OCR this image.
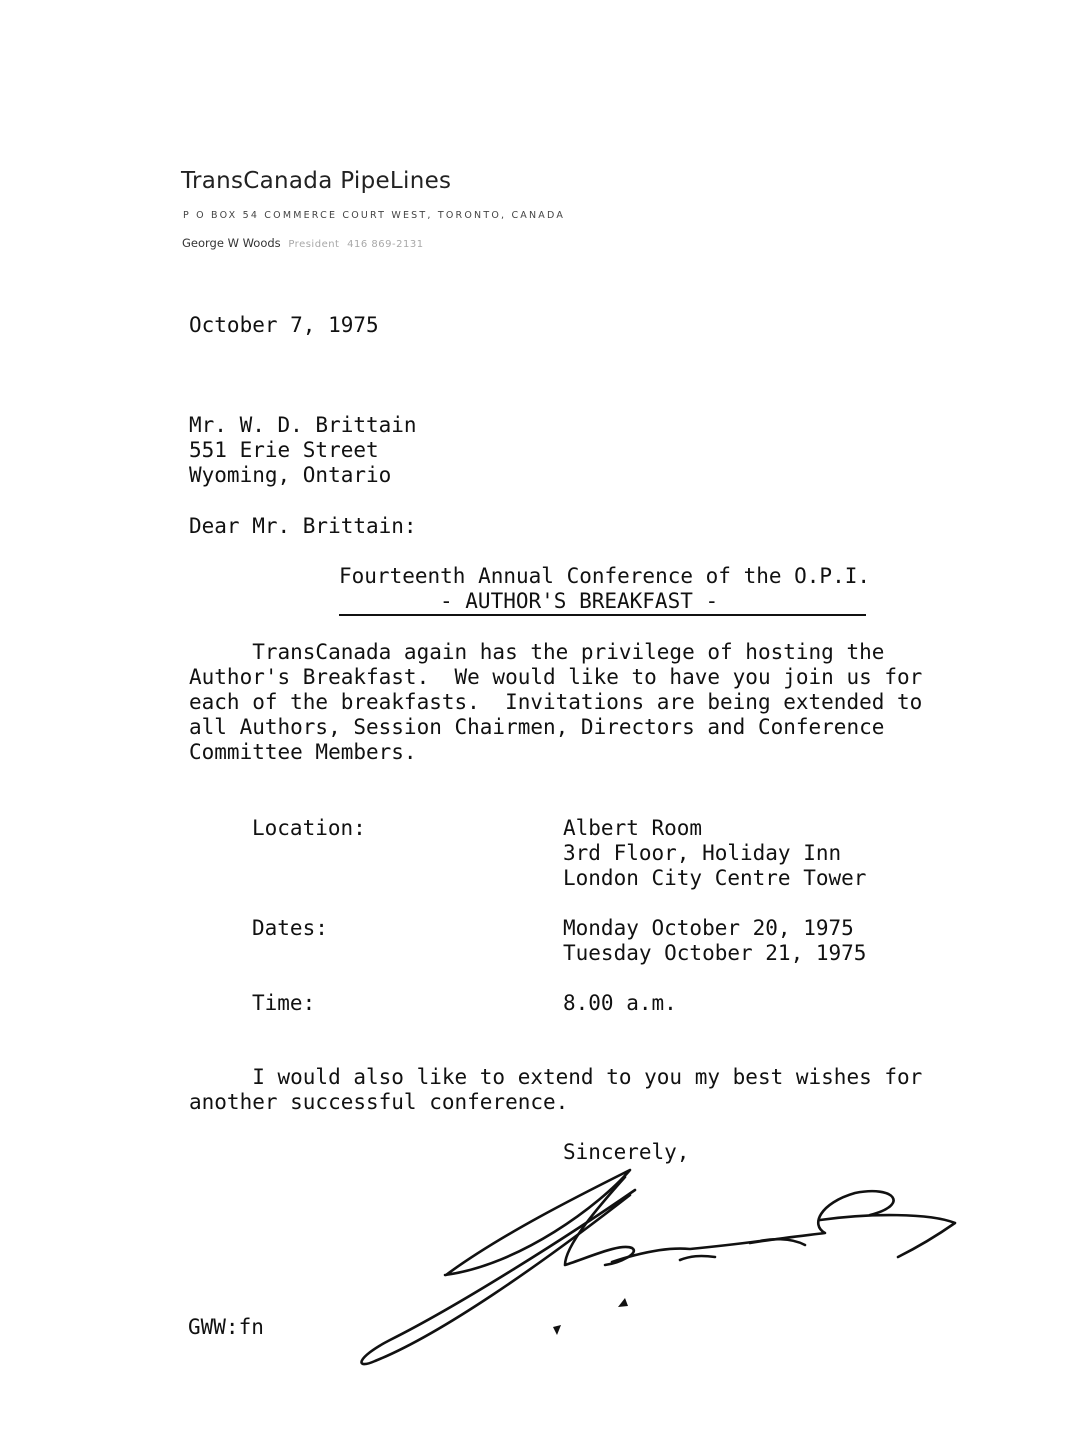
TransCanada PipeLines
P O BOX 54 COMMERCE COURT WEST, TORONTO, CANADA
George W Woods President 416 869-2131
October 7, 1975
Mr. W. D. Brittain
551 Erie Street
Wyoming, Ontario
Dear Mr. Brittain:
Fourteenth Annual Conference of the O.P.I.
- AUTHOR'S BREAKFAST -
TransCanada again has the privilege of hosting the
Author's Breakfast.  We would like to have you join us for
each of the breakfasts.  Invitations are being extended to
all Authors, Session Chairmen, Directors and Conference
Committee Members.
Location:	Albert Room
3rd Floor, Holiday Inn
London City Centre Tower
Dates:	Monday October 20, 1975
Tuesday October 21, 1975
Time:	8.00 a.m.
I would also like to extend to you my best wishes for
another successful conference.
Sincerely,
GWW:fn
